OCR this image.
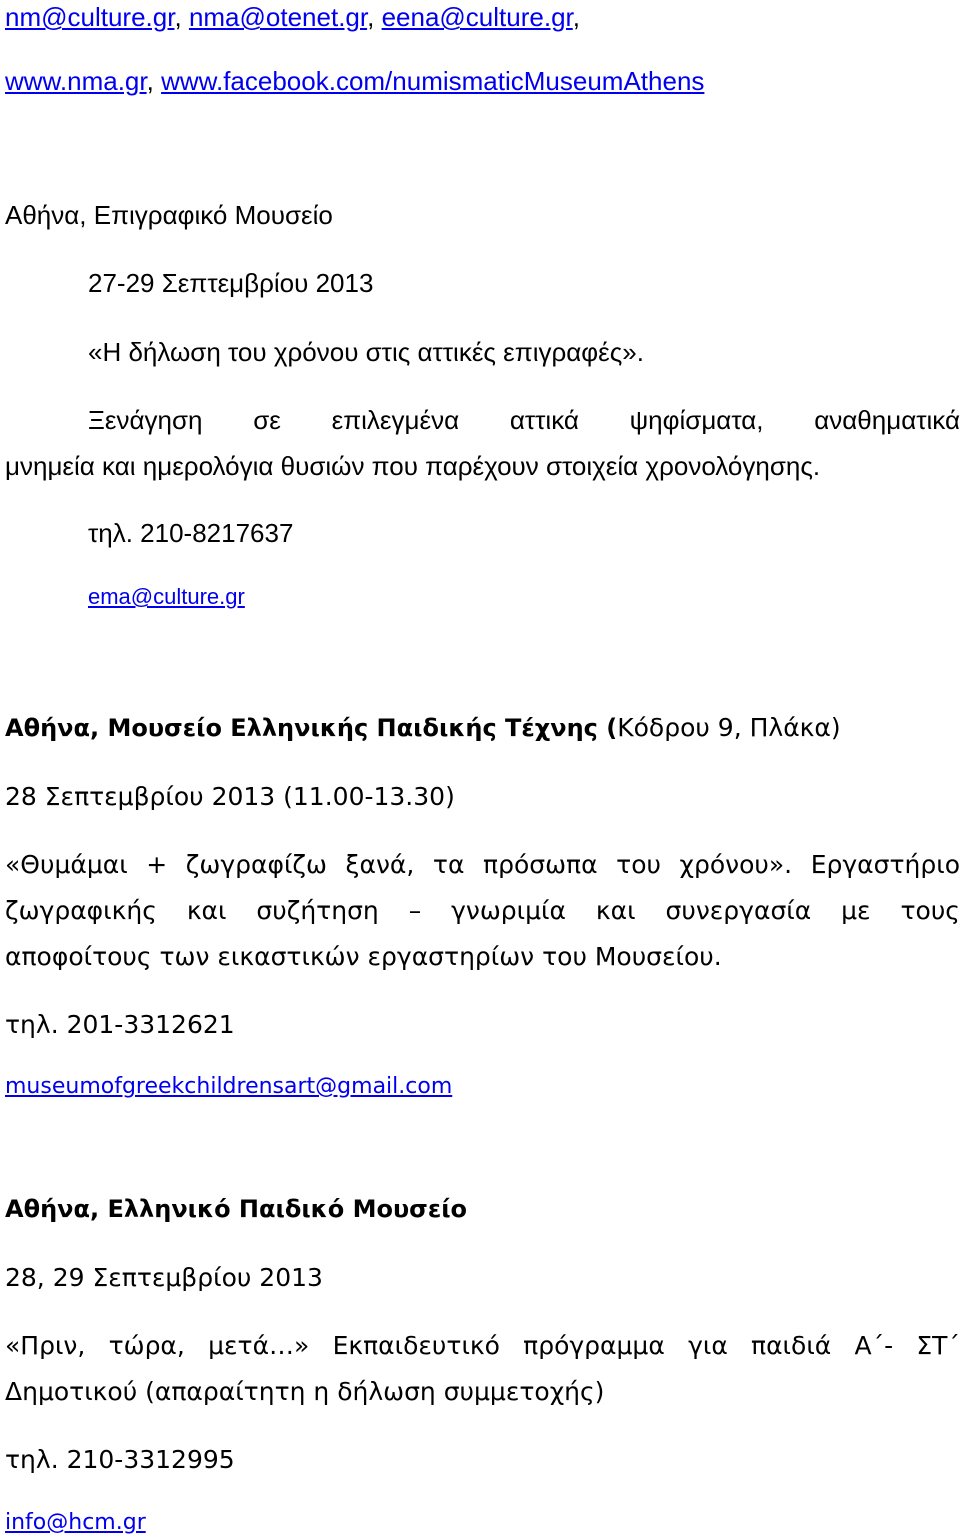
nm@culture.gr, nma@otenet.gr, eena@culture.gr,
www.nma.gr, www.facebook.com/numismaticMuseumAthens
Αθήνα, Επιγραφικό Μουσείο
27-29 Σεπτεμβρίου 2013
«Η δήλωση του χρόνου στις αττικές επιγραφές».
Ξενάγηση σε επιλεγμένα αττικά ψηφίσματα, αναθηματικά
μνημεία και ημερολόγια θυσιών που παρέχουν στοιχεία χρονολόγησης.
τηλ. 210-8217637
ema@culture.gr
Αθήνα, Μουσείο Ελληνικής Παιδικής Τέχνης (Κόδρου 9, Πλάκα)
28 Σεπτεμβρίου 2013 (11.00-13.30)
«Θυμάμαι + ζωγραφίζω ξανά, τα πρόσωπα του χρόνου». Εργαστήριο
ζωγραφικής και συζήτηση – γνωριμία και συνεργασία με τους
αποφοίτους των εικαστικών εργαστηρίων του Μουσείου.
τηλ. 201-3312621
museumofgreekchildrensart@gmail.com
Αθήνα, Ελληνικό Παιδικό Μουσείο
28, 29 Σεπτεμβρίου 2013
«Πριν, τώρα, μετά…» Εκπαιδευτικό πρόγραμμα για παιδιά Α΄- ΣΤ΄
Δημοτικού (απαραίτητη η δήλωση συμμετοχής)
τηλ. 210-3312995
info@hcm.gr
